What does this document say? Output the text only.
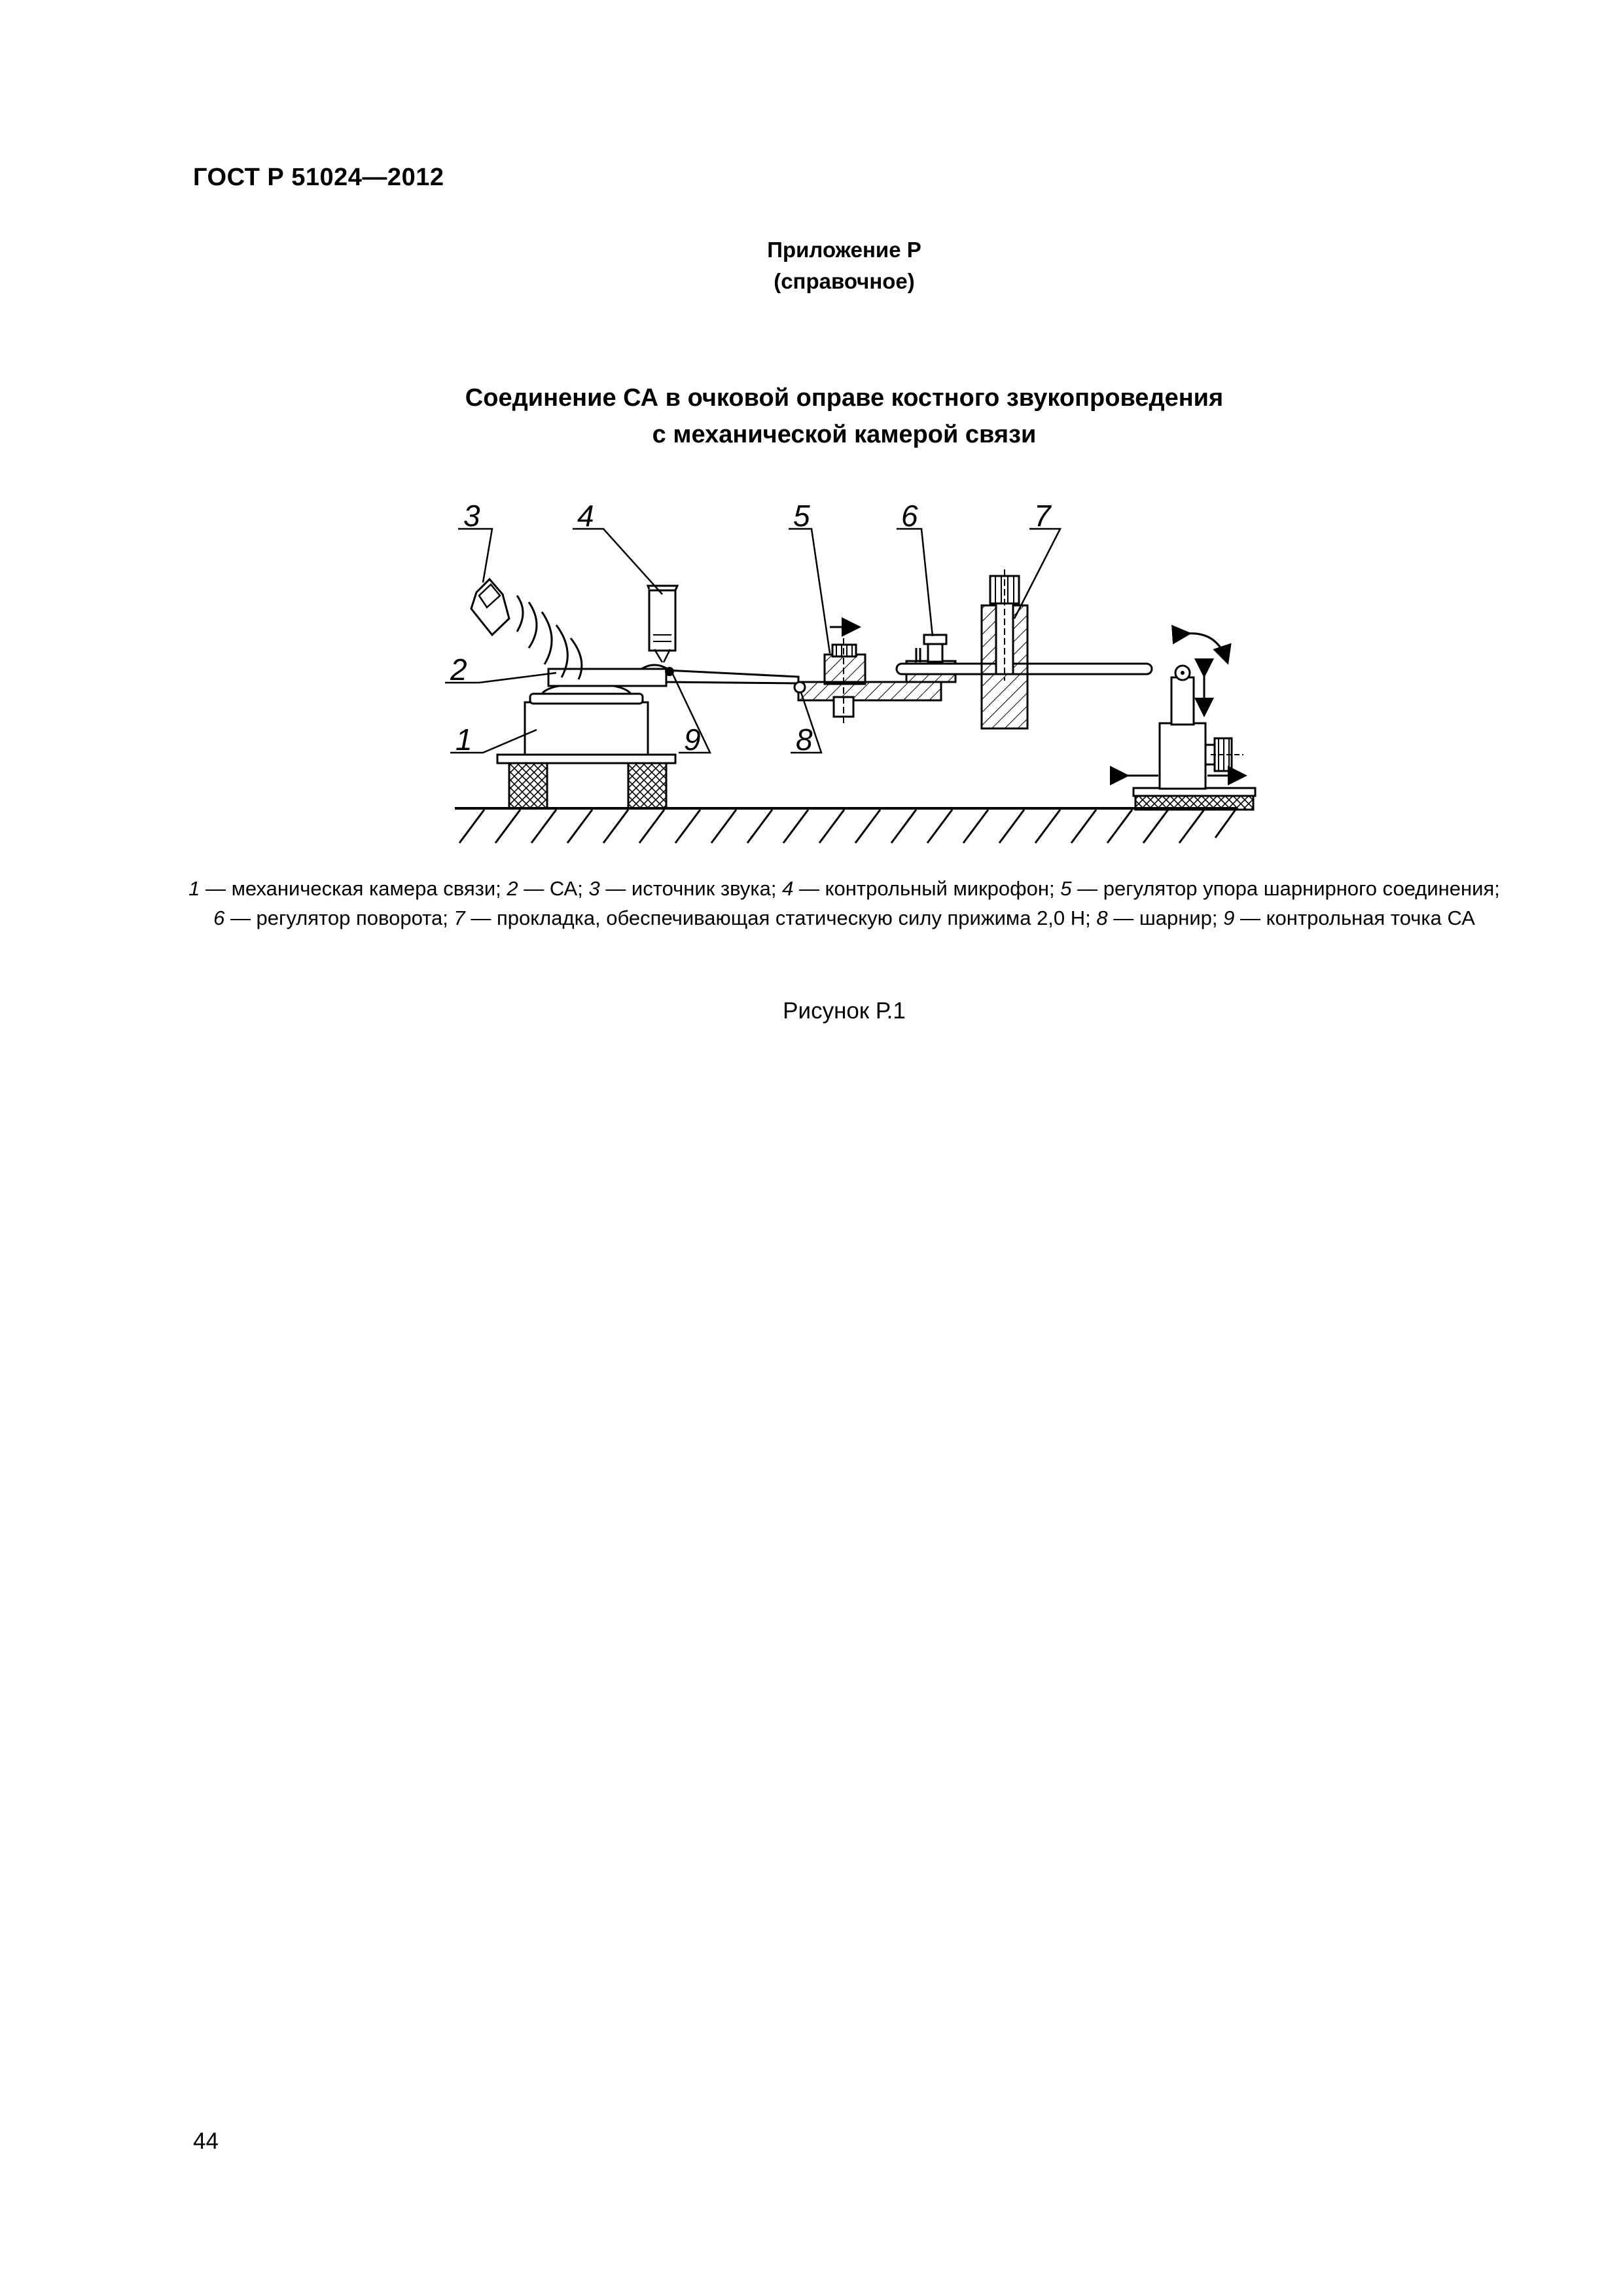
ГОСТ Р 51024—2012
Приложение Р
(справочное)
Соединение СА в очковой оправе костного звукопроведения
с механической камерой связи
3	4	5	6	7
2
1	9	8
1 — механическая камера связи; 2 — СА; 3 — источник звука; 4 — контрольный микрофон; 5 — регулятор упора шарнирного соединения; 6 — регулятор поворота; 7 — прокладка, обеспечивающая статическую силу прижима 2,0 Н; 8 — шарнир; 9 — контрольная точка СА
Рисунок Р.1
44
